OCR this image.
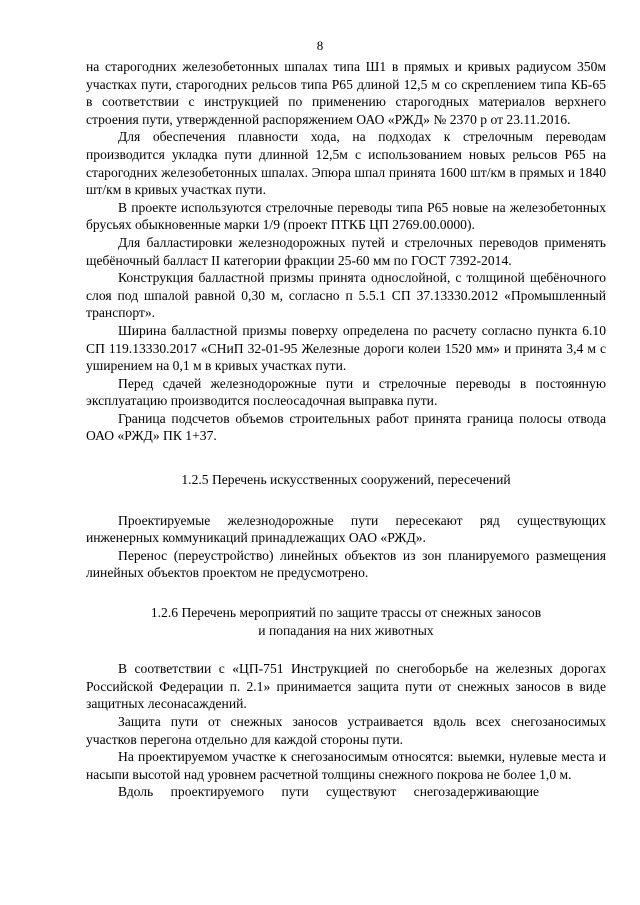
8

на старогодних железобетонных шпалах типа Ш1 в прямых и кривых радиусом 350м участках пути, старогодних рельсов типа Р65 длиной 12,5 м со скреплением типа КБ-65 в соответствии с инструкцией по применению старогодных материалов верхнего строения пути, утвержденной распоряжением ОАО «РЖД» № 2370 р от 23.11.2016.

Для обеспечения плавности хода, на подходах к стрелочным переводам производится укладка пути длинной 12,5м с использованием новых рельсов Р65 на старогодних железобетонных шпалах. Эпюра шпал принята 1600 шт/км в прямых и 1840 шт/км в кривых участках пути.

В проекте используются стрелочные переводы типа Р65 новые на железобетонных брусьях обыкновенные марки 1/9 (проект ПТКБ ЦП 2769.00.0000).

Для балластировки железнодорожных путей и стрелочных переводов применять щебёночный балласт II категории фракции 25-60 мм по ГОСТ 7392-2014.

Конструкция балластной призмы принята однослойной, с толщиной щебёночного слоя под шпалой равной 0,30 м, согласно п 5.5.1 СП 37.13330.2012 «Промышленный транспорт».

Ширина балластной призмы поверху определена по расчету согласно пункта 6.10 СП 119.13330.2017 «СНиП 32-01-95 Железные дороги колеи 1520 мм» и принята 3,4 м с уширением на 0,1 м в кривых участках пути.

Перед сдачей железнодорожные пути и стрелочные переводы в постоянную эксплуатацию производится послеосадочная выправка пути.

Граница подсчетов объемов строительных работ принята граница полосы отвода ОАО «РЖД» ПК 1+37.

1.2.5 Перечень искусственных сооружений, пересечений

Проектируемые железнодорожные пути пересекают ряд существующих инженерных коммуникаций принадлежащих ОАО «РЖД».

Перенос (переустройство) линейных объектов из зон планируемого размещения линейных объектов проектом не предусмотрено.

1.2.6 Перечень мероприятий по защите трассы от снежных заносов
и попадания на них животных

В соответствии с «ЦП-751 Инструкцией по снегоборьбе на железных дорогах Российской Федерации п. 2.1» принимается защита пути от снежных заносов в виде защитных лесонасаждений.

Защита пути от снежных заносов устраивается вдоль всех снегозаносимых участков перегона отдельно для каждой стороны пути.

На проектируемом участке к снегозаносимым относятся: выемки, нулевые места и насыпи высотой над уровнем расчетной толщины снежного покрова не более 1,0 м.

Вдоль проектируемого пути существуют снегозадерживающие
